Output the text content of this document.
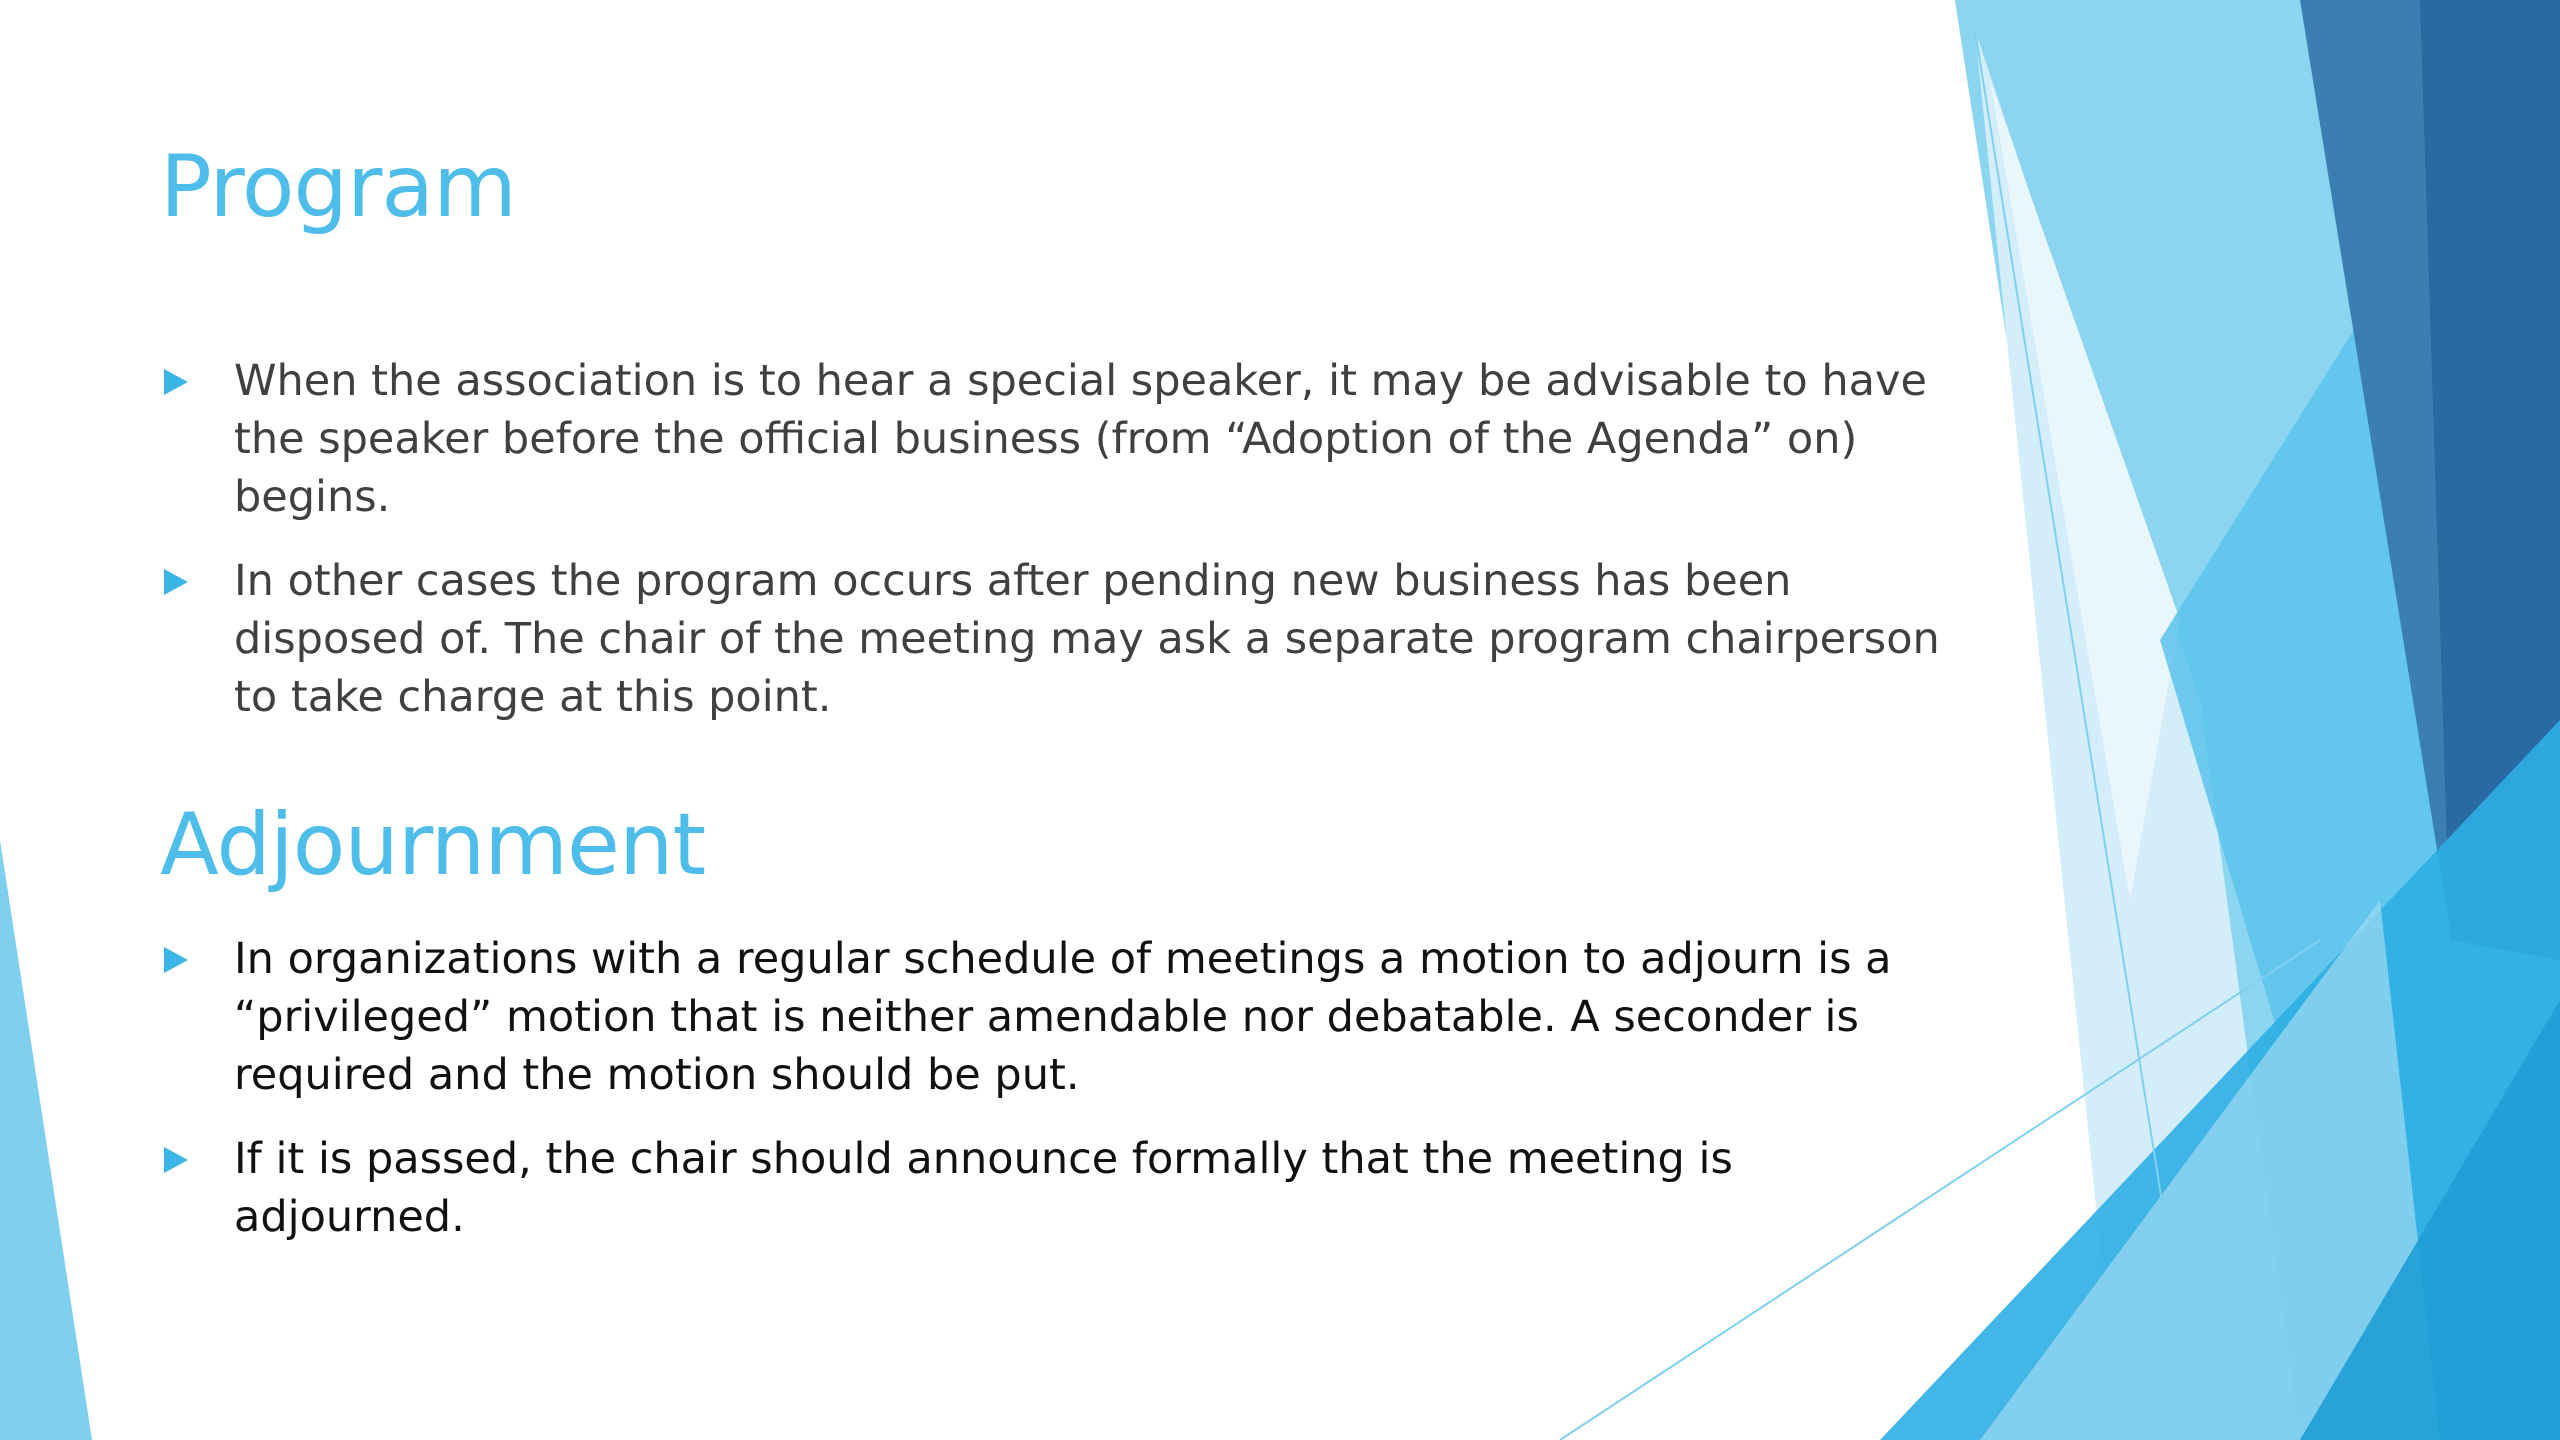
Program
When the association is to hear a special speaker, it may be advisable to have the speaker before the official business (from “Adoption of the Agenda” on) begins.
In other cases the program occurs after pending new business has been disposed of. The chair of the meeting may ask a separate program chairperson to take charge at this point.
Adjournment
In organizations with a regular schedule of meetings a motion to adjourn is a “privileged” motion that is neither amendable nor debatable. A seconder is required and the motion should be put.
If it is passed, the chair should announce formally that the meeting is adjourned.
